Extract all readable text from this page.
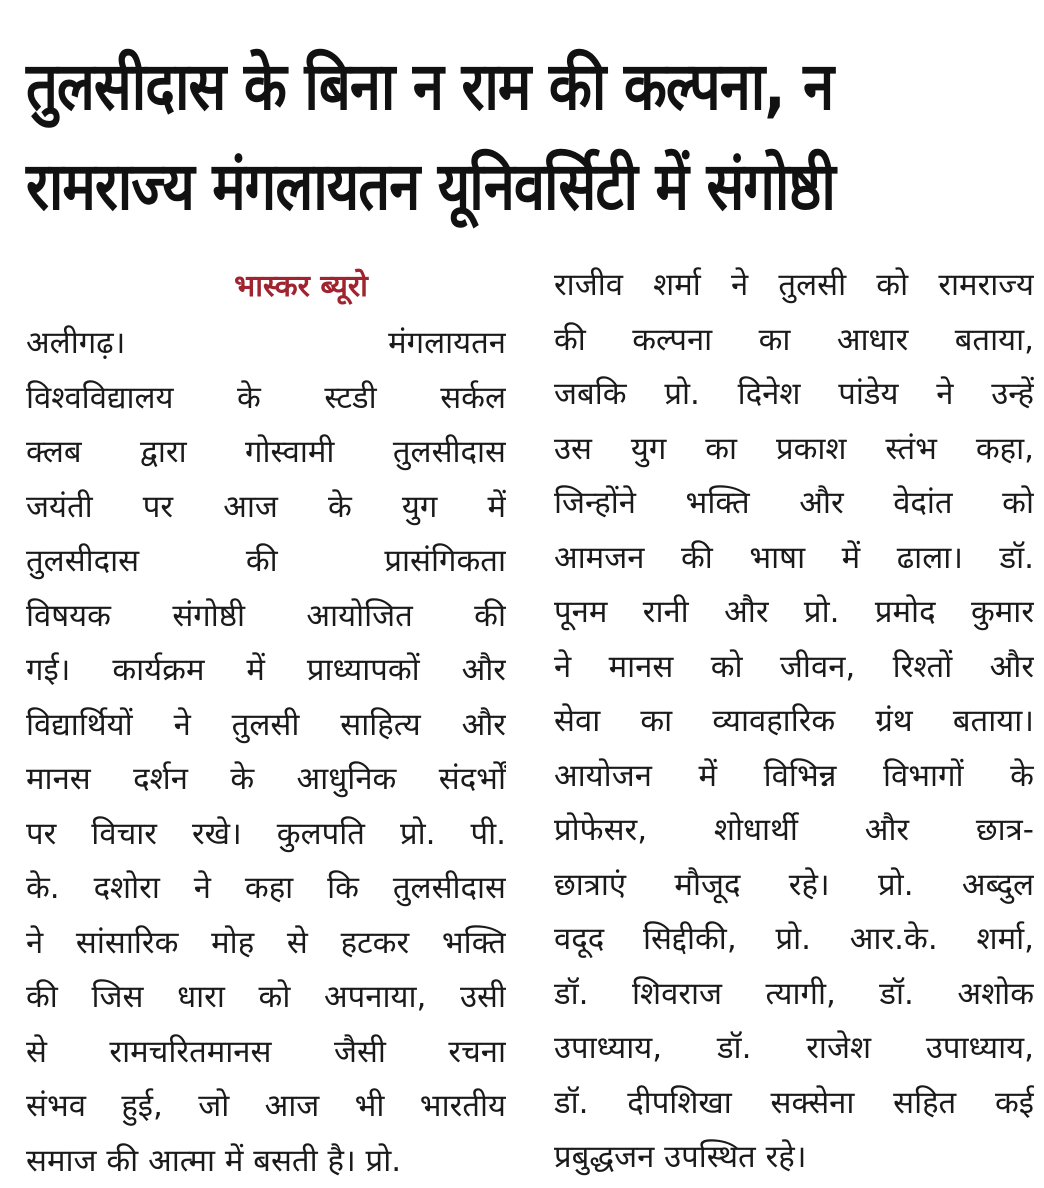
तुलसीदास के बिना न राम की कल्पना, न
रामराज्य मंगलायतन यूनिवर्सिटी में संगोष्ठी
भास्कर ब्यूरो
अलीगढ़। मंगलायतन
विश्वविद्यालय के स्टडी सर्कल
क्लब द्वारा गोस्वामी तुलसीदास
जयंती पर आज के युग में
तुलसीदास की प्रासंगिकता
विषयक संगोष्ठी आयोजित की
गई। कार्यक्रम में प्राध्यापकों और
विद्यार्थियों ने तुलसी साहित्य और
मानस दर्शन के आधुनिक संदर्भों
पर विचार रखे। कुलपति प्रो. पी.
के. दशोरा ने कहा कि तुलसीदास
ने सांसारिक मोह से हटकर भक्ति
की जिस धारा को अपनाया, उसी
से रामचरितमानस जैसी रचना
संभव हुई, जो आज भी भारतीय
समाज की आत्मा में बसती है। प्रो.
राजीव शर्मा ने तुलसी को रामराज्य
की कल्पना का आधार बताया,
जबकि प्रो. दिनेश पांडेय ने उन्हें
उस युग का प्रकाश स्तंभ कहा,
जिन्होंने भक्ति और वेदांत को
आमजन की भाषा में ढाला। डॉ.
पूनम रानी और प्रो. प्रमोद कुमार
ने मानस को जीवन, रिश्तों और
सेवा का व्यावहारिक ग्रंथ बताया।
आयोजन में विभिन्न विभागों के
प्रोफेसर, शोधार्थी और छात्र-
छात्राएं मौजूद रहे। प्रो. अब्दुल
वदूद सिद्दीकी, प्रो. आर.के. शर्मा,
डॉ. शिवराज त्यागी, डॉ. अशोक
उपाध्याय, डॉ. राजेश उपाध्याय,
डॉ. दीपशिखा सक्सेना सहित कई
प्रबुद्धजन उपस्थित रहे।
